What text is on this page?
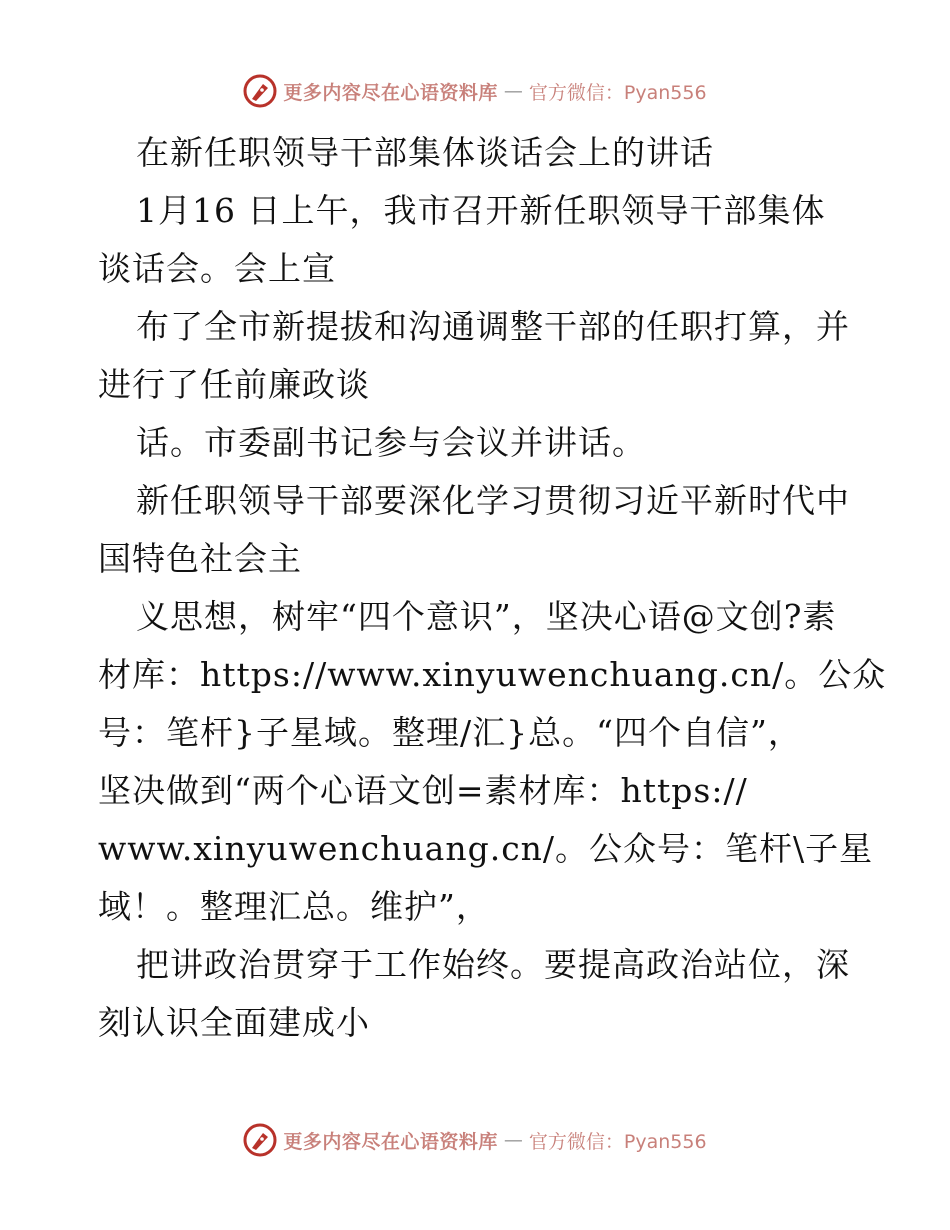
更多内容尽在心语资料库 — 官方微信：Pyan556
在新任职领导干部集体谈话会上的讲话
1月16 日上午，我市召开新任职领导干部集体
谈话会。会上宣
布了全市新提拔和沟通调整干部的任职打算，并
进行了任前廉政谈
话。市委副书记参与会议并讲话。
新任职领导干部要深化学习贯彻习近平新时代中
国特色社会主
义思想，树牢“四个意识”，坚决心语@文创?素
材库：https://www.xinyuwenchuang.cn/。公众
号：笔杆}子星域。整理/汇}总。“四个自信”，
坚决做到“两个心语文创=素材库：https://
www.xinyuwenchuang.cn/。公众号：笔杆\子星
域！。整理汇总。维护”，
把讲政治贯穿于工作始终。要提高政治站位，深
刻认识全面建成小
更多内容尽在心语资料库 — 官方微信：Pyan556
